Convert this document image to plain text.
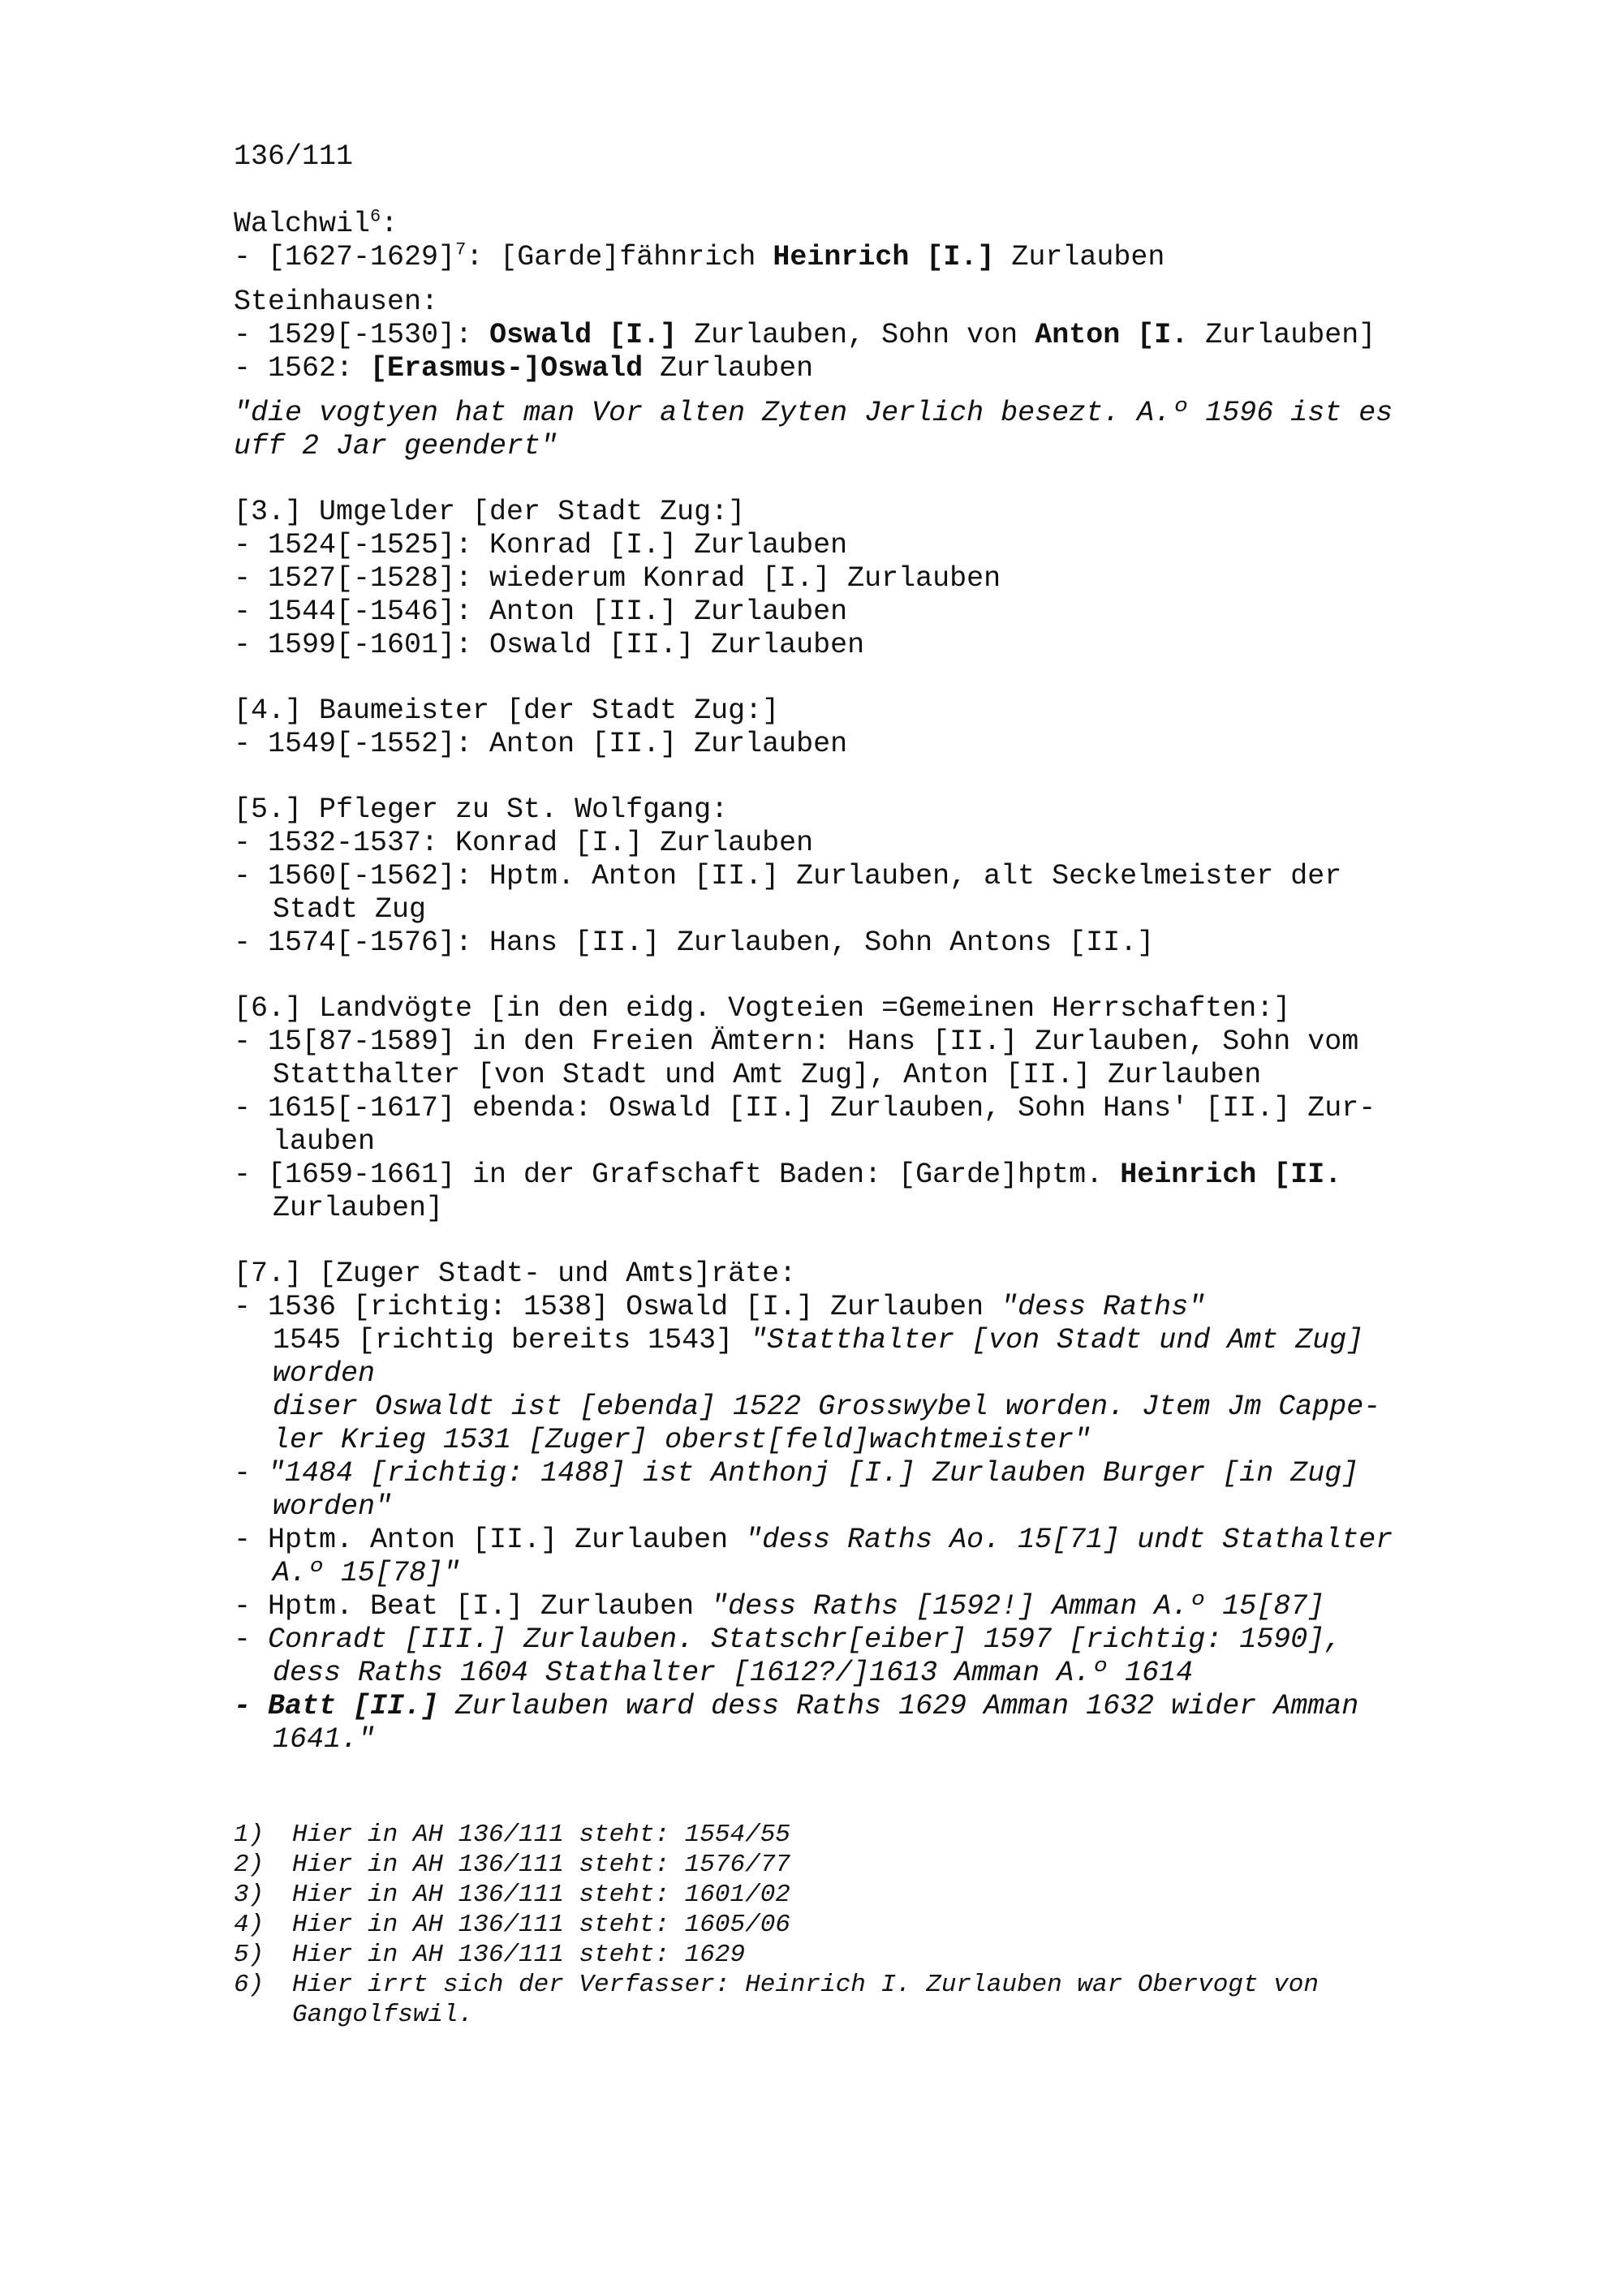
136/111
Walchwil$^6$:
- [1627-1629]$^7$: [Garde]fähnrich Heinrich [I.] Zurlauben
Steinhausen:
- 1529[-1530]: Oswald [I.] Zurlauben, Sohn von Anton [I. Zurlauben]
- 1562: [Erasmus-]Oswald Zurlauben
"die vogtyen hat man Vor alten Zyten Jerlich besezt. A.º 1596 ist es
uff 2 Jar geendert"
[3.] Umgelder [der Stadt Zug:]
- 1524[-1525]: Konrad [I.] Zurlauben
- 1527[-1528]: wiederum Konrad [I.] Zurlauben
- 1544[-1546]: Anton [II.] Zurlauben
- 1599[-1601]: Oswald [II.] Zurlauben
[4.] Baumeister [der Stadt Zug:]
- 1549[-1552]: Anton [II.] Zurlauben
[5.] Pfleger zu St. Wolfgang:
- 1532-1537: Konrad [I.] Zurlauben
- 1560[-1562]: Hptm. Anton [II.] Zurlauben, alt Seckelmeister der
Stadt Zug
- 1574[-1576]: Hans [II.] Zurlauben, Sohn Antons [II.]
[6.] Landvögte [in den eidg. Vogteien =Gemeinen Herrschaften:]
- 15[87-1589] in den Freien Ämtern: Hans [II.] Zurlauben, Sohn vom
Statthalter [von Stadt und Amt Zug], Anton [II.] Zurlauben
- 1615[-1617] ebenda: Oswald [II.] Zurlauben, Sohn Hans' [II.] Zur-
lauben
- [1659-1661] in der Grafschaft Baden: [Garde]hptm. Heinrich [II.
Zurlauben]
[7.] [Zuger Stadt- und Amts]räte:
- 1536 [richtig: 1538] Oswald [I.] Zurlauben "dess Raths"
1545 [richtig bereits 1543] "Statthalter [von Stadt und Amt Zug]
worden
diser Oswaldt ist [ebenda] 1522 Grosswybel worden. Jtem Jm Cappe-
ler Krieg 1531 [Zuger] oberst[feld]wachtmeister"
- "1484 [richtig: 1488] ist Anthonj [I.] Zurlauben Burger [in Zug]
worden"
- Hptm. Anton [II.] Zurlauben "dess Raths Ao. 15[71] undt Stathalter
A.º 15[78]"
- Hptm. Beat [I.] Zurlauben "dess Raths [1592!] Amman A.º 15[87]
- Conradt [III.] Zurlauben. Statschr[eiber] 1597 [richtig: 1590],
dess Raths 1604 Stathalter [1612?/]1613 Amman A.º 1614
- Batt [II.] Zurlauben ward dess Raths 1629 Amman 1632 wider Amman
1641."
1)	Hier in AH 136/111 steht: 1554/55
2)	Hier in AH 136/111 steht: 1576/77
3)	Hier in AH 136/111 steht: 1601/02
4)	Hier in AH 136/111 steht: 1605/06
5)	Hier in AH 136/111 steht: 1629
6)	Hier irrt sich der Verfasser: Heinrich I. Zurlauben war Obervogt von
Gangolfswil.
